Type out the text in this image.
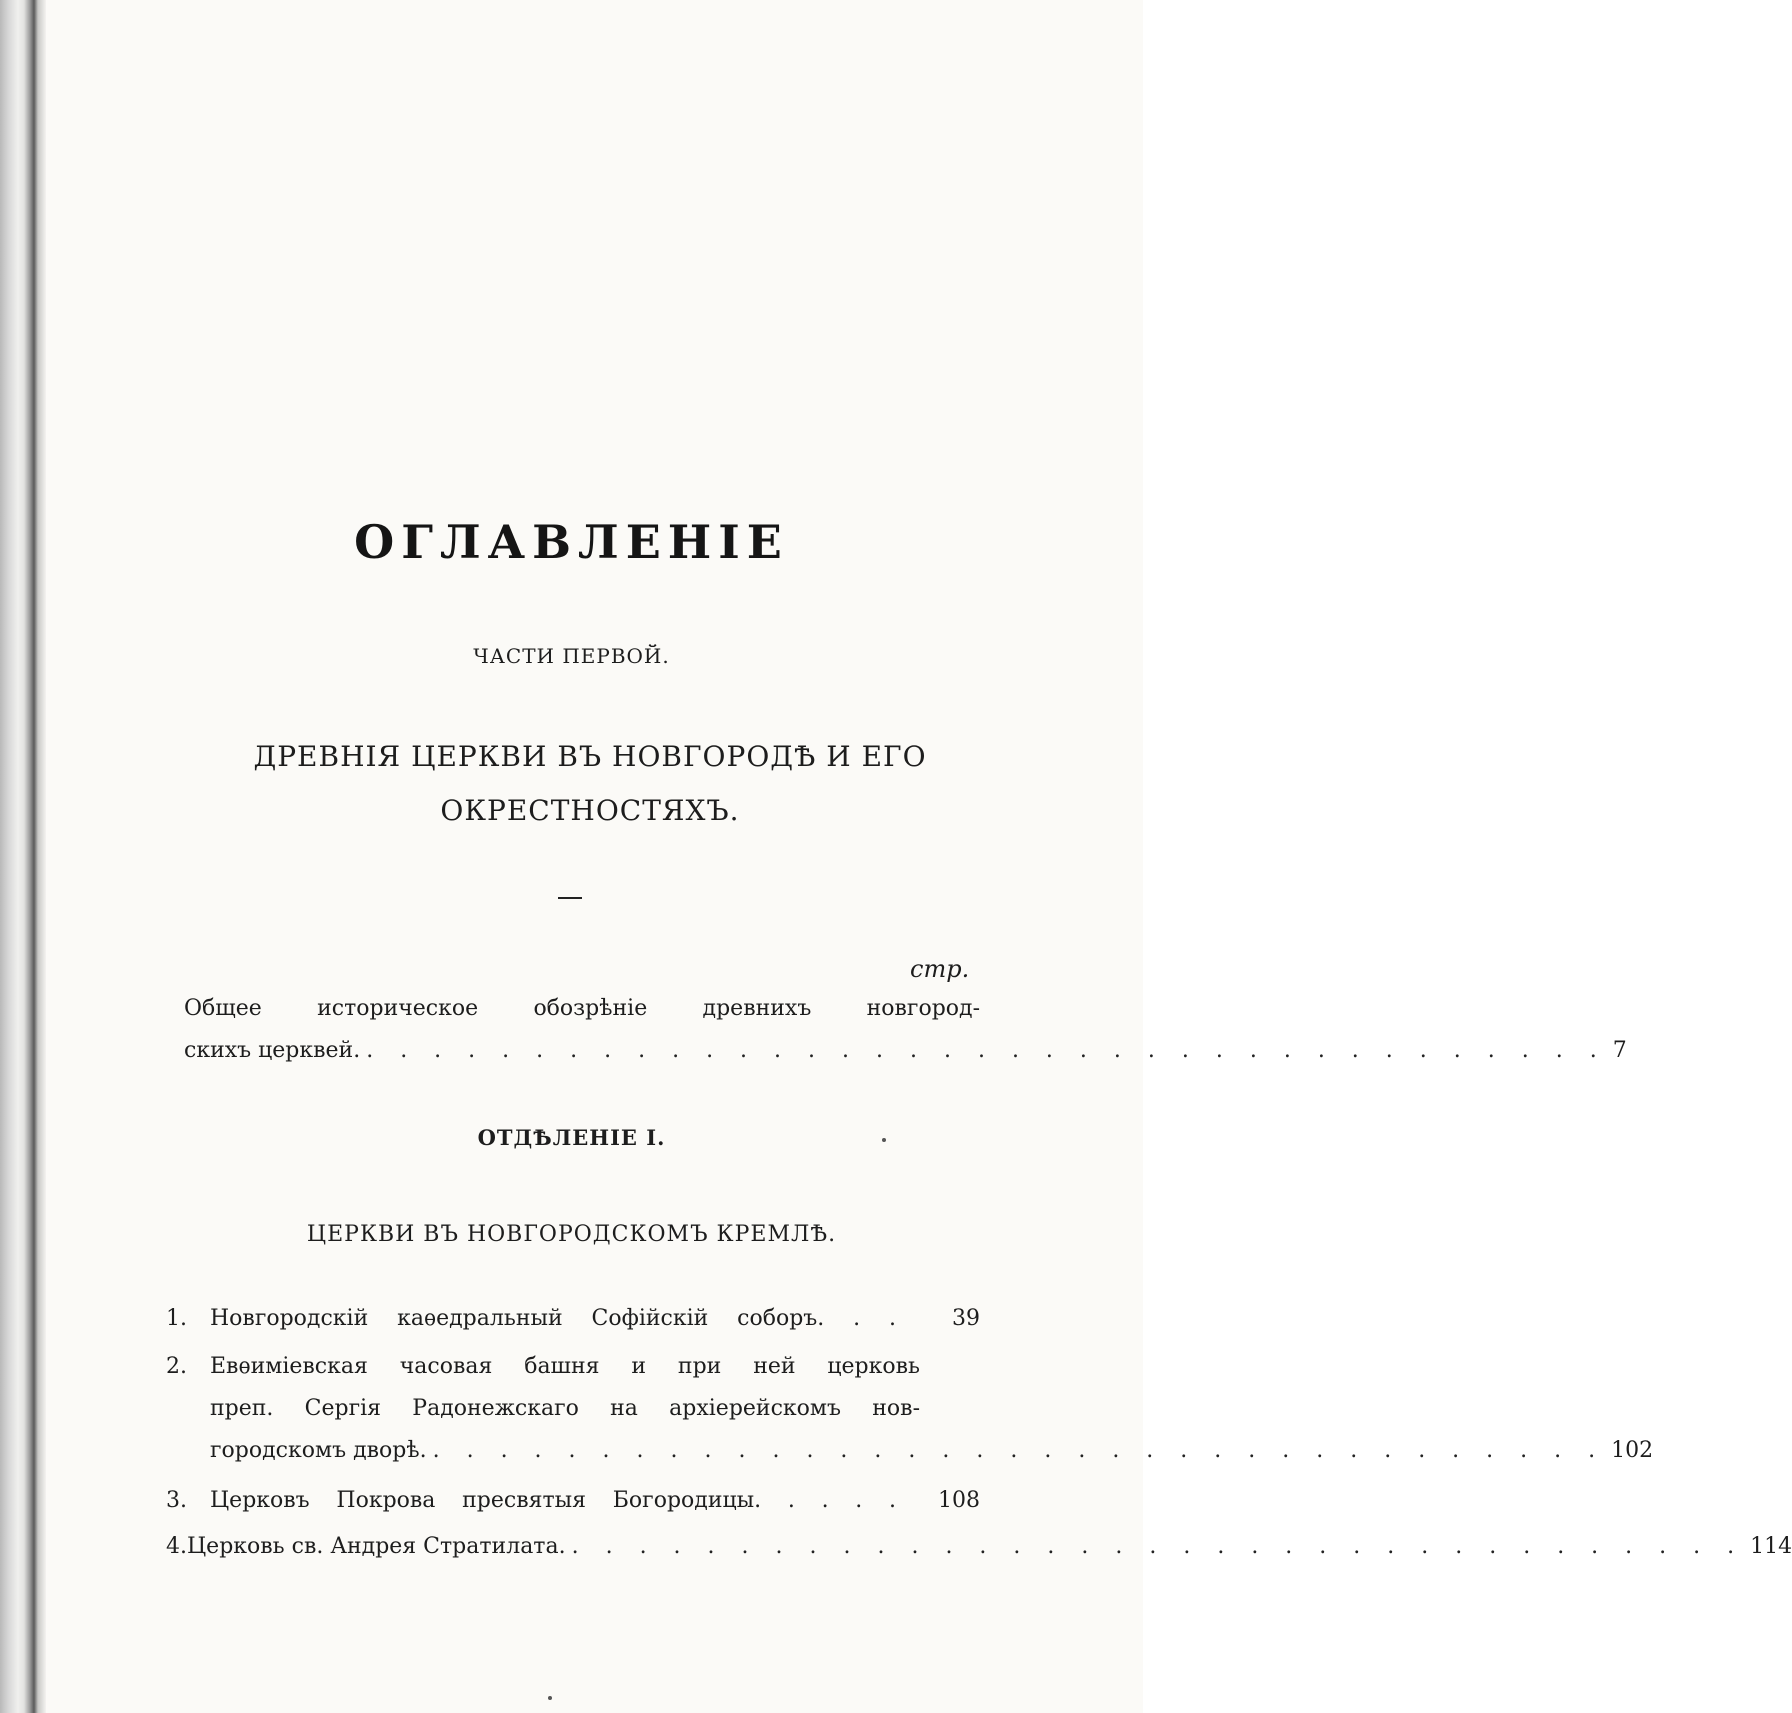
ОГЛАВЛЕНІЕ
ЧАСТИ ПЕРВОЙ.
ДРЕВНІЯ ЦЕРКВИ ВЪ НОВГОРОДѢ И ЕГО
ОКРЕСТНОСТЯХЪ.
стр.
Общее историческое обозрѣніе древнихъ новгород-
скихъ церквей. . . . . . . . . . . . . . . . . . . . . . . . . . . . . . . . . . . . . . 7
ОТДѢЛЕНІЕ I.
ЦЕРКВИ ВЪ НОВГОРОДСКОМЪ КРЕМЛѢ.
1.	Новгородскій каѳедральный Софійскій соборъ. . .	39
2.	Евѳиміевская часовая башня и при ней церковь
преп. Сергія Радонежскаго на архіерейскомъ нов-
городскомъ дворѣ. . . . . . . . . . . . . . . . . . . . . . . . . . . . . . . . . . . . 102
3.	Церковъ Покрова пресвятыя Богородицы. . . . .	108
4. Церковь св. Андрея Стратилата. . . . . . . . . . . . . . . . . . . . . . . . . . . . . . . . . . . . 114
